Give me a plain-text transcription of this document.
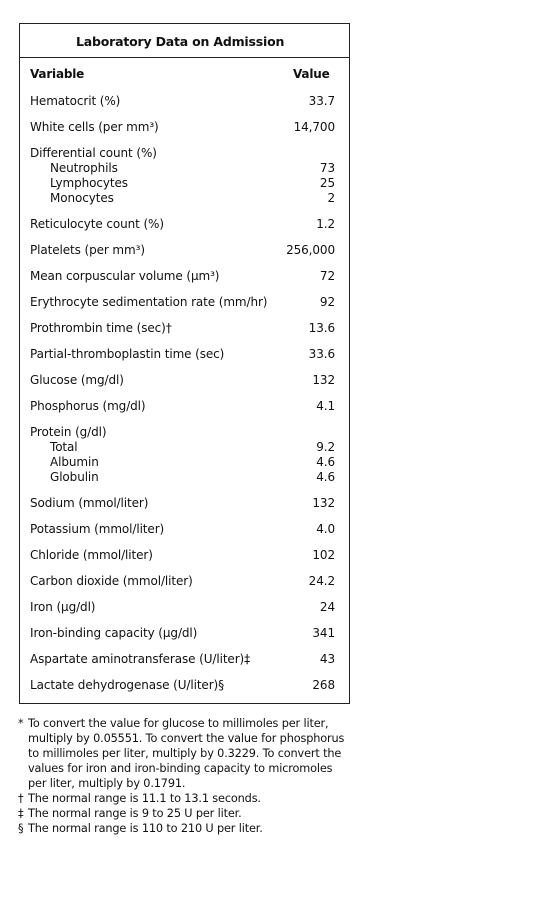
Laboratory Data on Admission
Variable	Value
Hematocrit (%)	33.7
White cells (per mm³)	14,700
Differential count (%)
Neutrophils	73
Lymphocytes	25
Monocytes	2
Reticulocyte count (%)	1.2
Platelets (per mm³)	256,000
Mean corpuscular volume (μm³)	72
Erythrocyte sedimentation rate (mm/hr)	92
Prothrombin time (sec)†	13.6
Partial-thromboplastin time (sec)	33.6
Glucose (mg/dl)	132
Phosphorus (mg/dl)	4.1
Protein (g/dl)
Total	9.2
Albumin	4.6
Globulin	4.6
Sodium (mmol/liter)	132
Potassium (mmol/liter)	4.0
Chloride (mmol/liter)	102
Carbon dioxide (mmol/liter)	24.2
Iron (μg/dl)	24
Iron-binding capacity (μg/dl)	341
Aspartate aminotransferase (U/liter)‡	43
Lactate dehydrogenase (U/liter)§	268
* To convert the value for glucose to millimoles per liter, multiply by 0.05551. To convert the value for phosphorus to millimoles per liter, multiply by 0.3229. To convert the values for iron and iron-binding capacity to micromoles per liter, multiply by 0.1791.
† The normal range is 11.1 to 13.1 seconds.
‡ The normal range is 9 to 25 U per liter.
§ The normal range is 110 to 210 U per liter.
